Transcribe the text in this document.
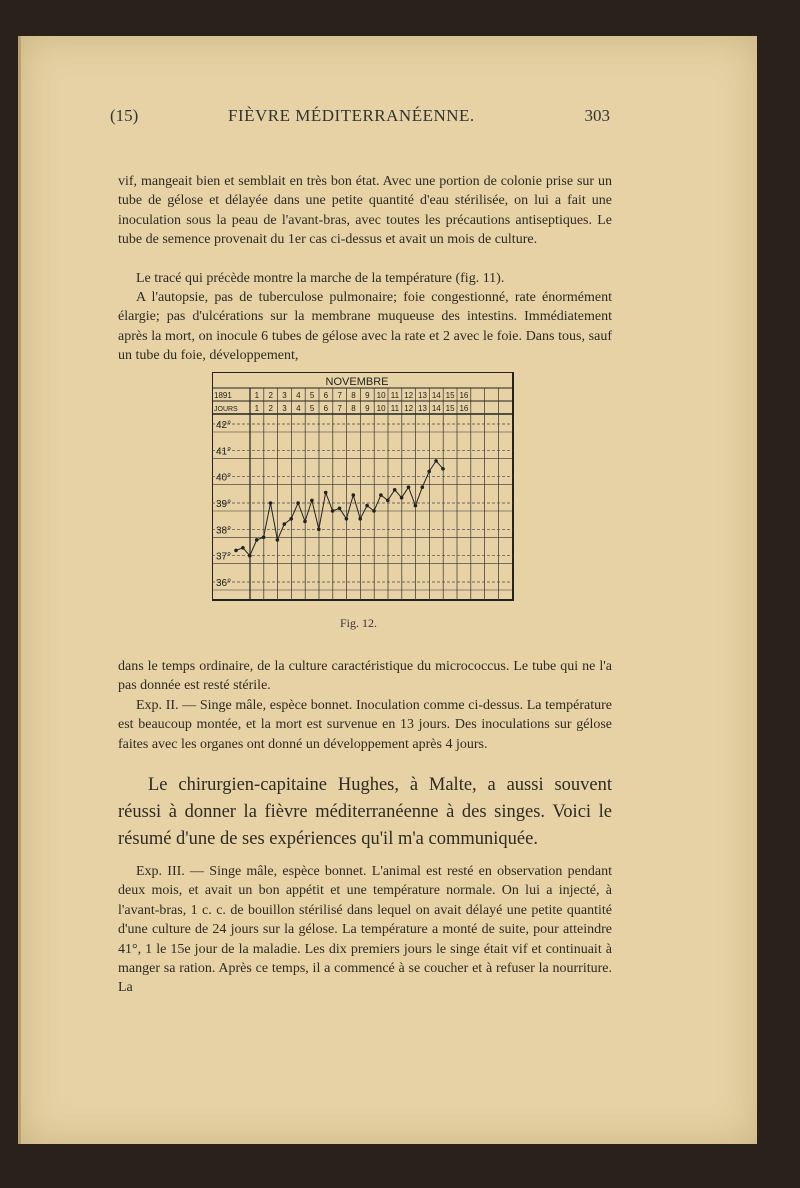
(15)	FIÈVRE MÉDITERRANÉENNE.	303
vif, mangeait bien et semblait en très bon état. Avec une portion de colonie prise sur un tube de gélose et délayée dans une petite quantité d'eau stérilisée, on lui a fait une inoculation sous la peau de l'avant-bras, avec toutes les précautions antiseptiques. Le tube de semence provenait du 1er cas ci-dessus et avait un mois de culture.
Le tracé qui précède montre la marche de la température (fig. 11).
A l'autopsie, pas de tuberculose pulmonaire; foie congestionné, rate énormément élargie; pas d'ulcérations sur la membrane muqueuse des intestins. Immédiatement après la mort, on inocule 6 tubes de gélose avec la rate et 2 avec le foie. Dans tous, sauf un tube du foie, développement,
NOVEMBRE
1891
JOURS
1 2 3 4 5 6 7 8 9 10 11 12 13 14 15 16
1 2 3 4 5 6 7 8 9 10 11 12 13 14 15 16
42°
41°
40°
39°
38°
37°
36°
Fig. 12.
dans le temps ordinaire, de la culture caractéristique du micrococcus. Le tube qui ne l'a pas donnée est resté stérile.
Exp. II. — Singe mâle, espèce bonnet. Inoculation comme ci-dessus. La température est beaucoup montée, et la mort est survenue en 13 jours. Des inoculations sur gélose faites avec les organes ont donné un développement après 4 jours.
Le chirurgien-capitaine Hughes, à Malte, a aussi souvent réussi à donner la fièvre méditerranéenne à des singes. Voici le résumé d'une de ses expériences qu'il m'a communiquée.
Exp. III. — Singe mâle, espèce bonnet. L'animal est resté en observation pendant deux mois, et avait un bon appétit et une température normale. On lui a injecté, à l'avant-bras, 1 c. c. de bouillon stérilisé dans lequel on avait délayé une petite quantité d'une culture de 24 jours sur la gélose. La température a monté de suite, pour atteindre 41°, 1 le 15e jour de la maladie. Les dix premiers jours le singe était vif et continuait à manger sa ration. Après ce temps, il a commencé à se coucher et à refuser la nourriture. La
